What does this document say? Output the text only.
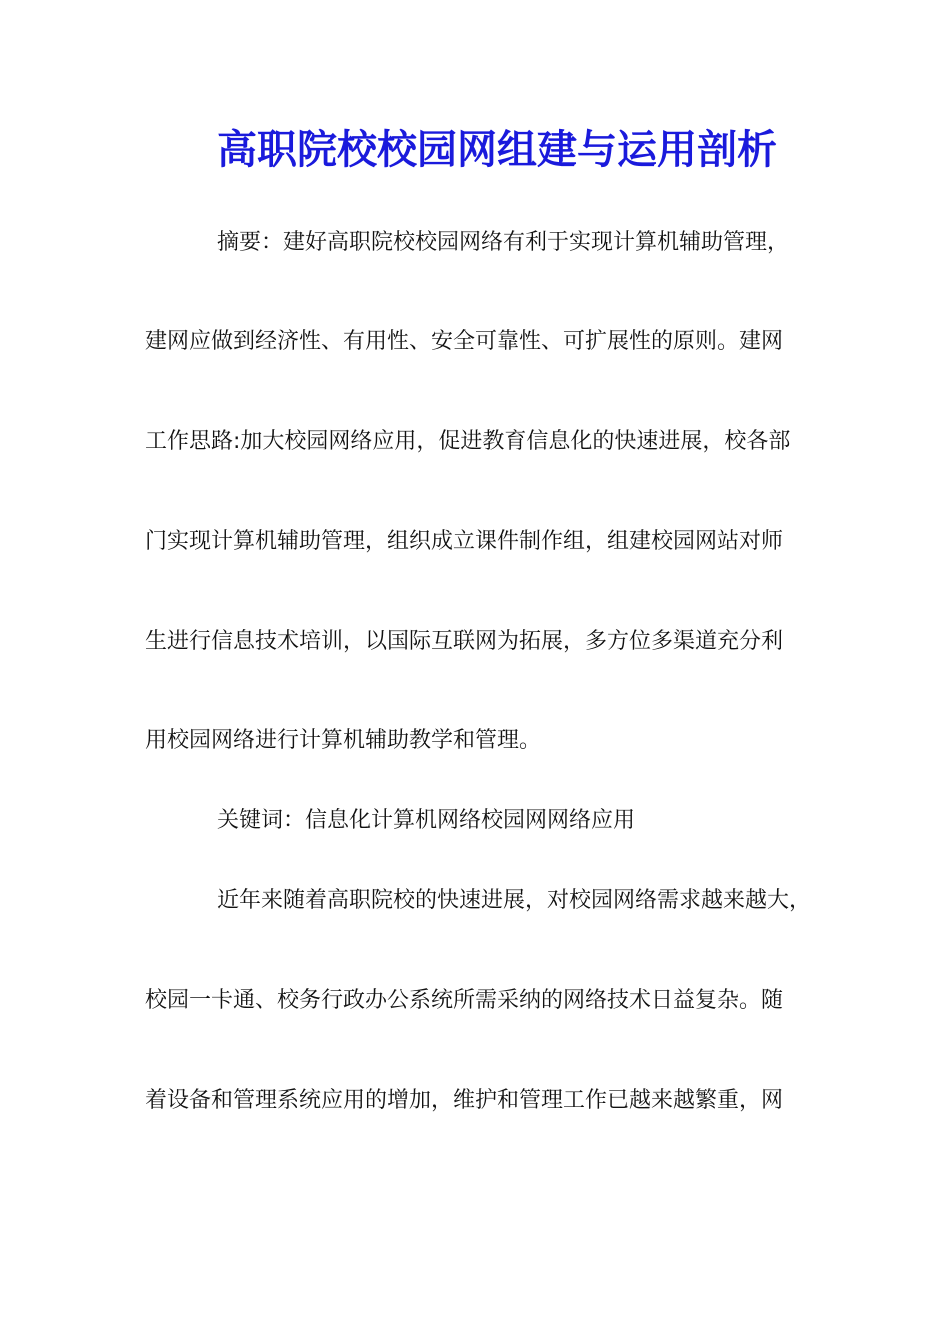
高职院校校园网组建与运用剖析

摘要：建好高职院校校园网络有利于实现计算机辅助管理，

建网应做到经济性、有用性、安全可靠性、可扩展性的原则。建网

工作思路:加大校园网络应用，促进教育信息化的快速进展，校各部

门实现计算机辅助管理，组织成立课件制作组，组建校园网站对师

生进行信息技术培训，以国际互联网为拓展，多方位多渠道充分利

用校园网络进行计算机辅助教学和管理。

关键词：信息化计算机网络校园网网络应用

近年来随着高职院校的快速进展，对校园网络需求越来越大，

校园一卡通、校务行政办公系统所需采纳的网络技术日益复杂。随

着设备和管理系统应用的增加，维护和管理工作已越来越繁重，网
